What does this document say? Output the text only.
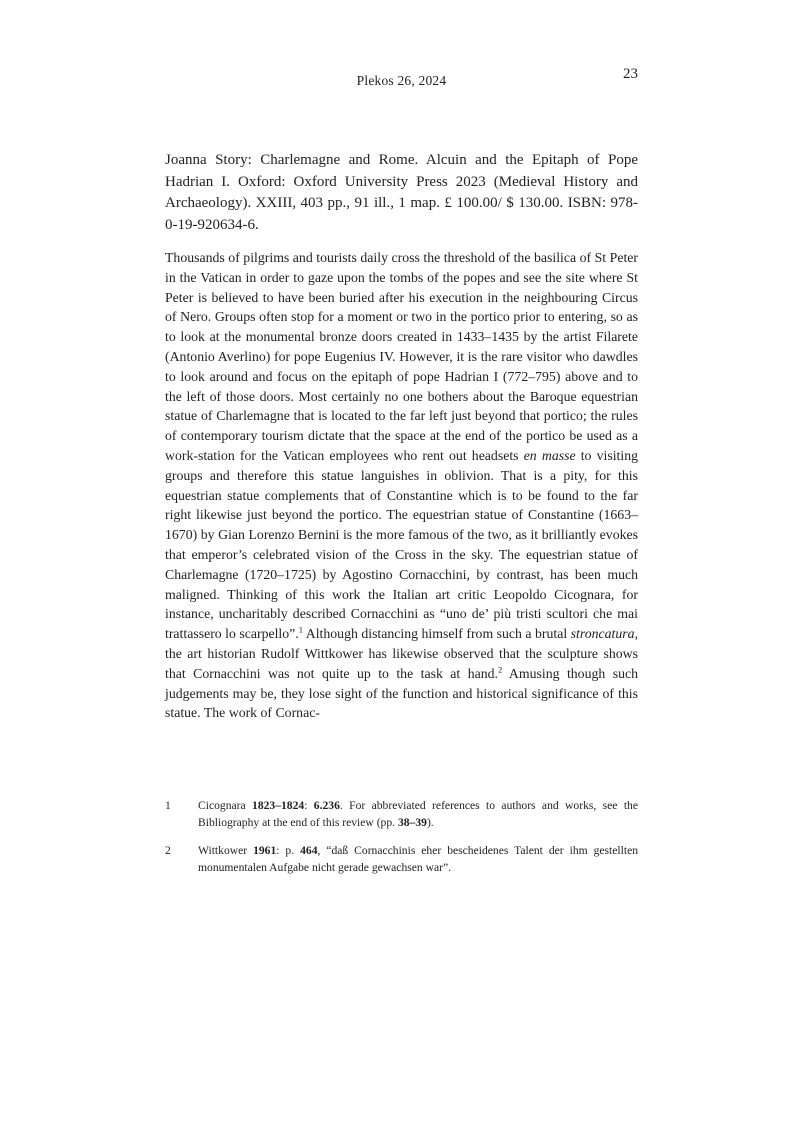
Plekos 26, 2024	23
Joanna Story: Charlemagne and Rome. Alcuin and the Epitaph of Pope Hadrian I. Oxford: Oxford University Press 2023 (Medieval History and Archaeology). XXIII, 403 pp., 91 ill., 1 map. £ 100.00/ $ 130.00. ISBN: 978-0-19-920634-6.
Thousands of pilgrims and tourists daily cross the threshold of the basilica of St Peter in the Vatican in order to gaze upon the tombs of the popes and see the site where St Peter is believed to have been buried after his execution in the neighbouring Circus of Nero. Groups often stop for a moment or two in the portico prior to entering, so as to look at the monumental bronze doors created in 1433–1435 by the artist Filarete (Antonio Averlino) for pope Eugenius IV. However, it is the rare visitor who dawdles to look around and focus on the epitaph of pope Hadrian I (772–795) above and to the left of those doors. Most certainly no one bothers about the Baroque equestrian statue of Charlemagne that is located to the far left just beyond that portico; the rules of contemporary tourism dictate that the space at the end of the portico be used as a work-station for the Vatican employees who rent out headsets en masse to visiting groups and therefore this statue languishes in oblivion. That is a pity, for this equestrian statue complements that of Constantine which is to be found to the far right likewise just beyond the portico. The equestrian statue of Constantine (1663–1670) by Gian Lorenzo Bernini is the more famous of the two, as it brilliantly evokes that emperor’s celebrated vision of the Cross in the sky. The equestrian statue of Charlemagne (1720–1725) by Agostino Cornacchini, by contrast, has been much maligned. Thinking of this work the Italian art critic Leopoldo Cicognara, for instance, uncharitably described Cornacchini as “uno de’ più tristi scultori che mai trattassero lo scarpello”.$^1$ Although distancing himself from such a brutal stroncatura, the art historian Rudolf Wittkower has likewise observed that the sculpture shows that Cornacchini was not quite up to the task at hand.$^2$ Amusing though such judgements may be, they lose sight of the function and historical significance of this statue. The work of Cornac-
1	Cicognara 1823–1824: 6.236. For abbreviated references to authors and works, see the Bibliography at the end of this review (pp. 38–39).
2	Wittkower 1961: p. 464, “daß Cornacchinis eher bescheidenes Talent der ihm gestellten monumentalen Aufgabe nicht gerade gewachsen war”.
